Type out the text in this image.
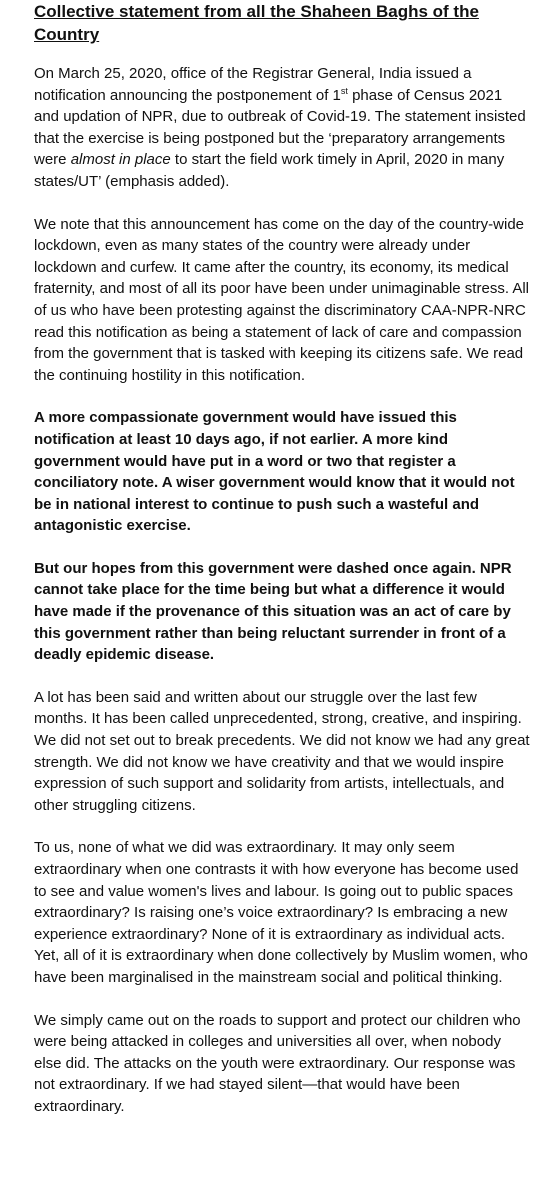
Collective statement from all the Shaheen Baghs of the Country

On March 25, 2020, office of the Registrar General, India issued a notification announcing the postponement of 1st phase of Census 2021 and updation of NPR, due to outbreak of Covid-19. The statement insisted that the exercise is being postponed but the ‘preparatory arrangements were almost in place to start the field work timely in April, 2020 in many states/UT’ (emphasis added).

We note that this announcement has come on the day of the country-wide lockdown, even as many states of the country were already under lockdown and curfew. It came after the country, its economy, its medical fraternity, and most of all its poor have been under unimaginable stress. All of us who have been protesting against the discriminatory CAA-NPR-NRC read this notification as being a statement of lack of care and compassion from the government that is tasked with keeping its citizens safe. We read the continuing hostility in this notification.

A more compassionate government would have issued this notification at least 10 days ago, if not earlier. A more kind government would have put in a word or two that register a conciliatory note. A wiser government would know that it would not be in national interest to continue to push such a wasteful and antagonistic exercise.

But our hopes from this government were dashed once again. NPR cannot take place for the time being but what a difference it would have made if the provenance of this situation was an act of care by this government rather than being reluctant surrender in front of a deadly epidemic disease.

A lot has been said and written about our struggle over the last few months. It has been called unprecedented, strong, creative, and inspiring. We did not set out to break precedents. We did not know we had any great strength. We did not know we have creativity and that we would inspire expression of such support and solidarity from artists, intellectuals, and other struggling citizens.

To us, none of what we did was extraordinary. It may only seem extraordinary when one contrasts it with how everyone has become used to see and value women's lives and labour. Is going out to public spaces extraordinary? Is raising one’s voice extraordinary? Is embracing a new experience extraordinary? None of it is extraordinary as individual acts. Yet, all of it is extraordinary when done collectively by Muslim women, who have been marginalised in the mainstream social and political thinking.

We simply came out on the roads to support and protect our children who were being attacked in colleges and universities all over, when nobody else did. The attacks on the youth were extraordinary. Our response was not extraordinary. If we had stayed silent—that would have been extraordinary.
